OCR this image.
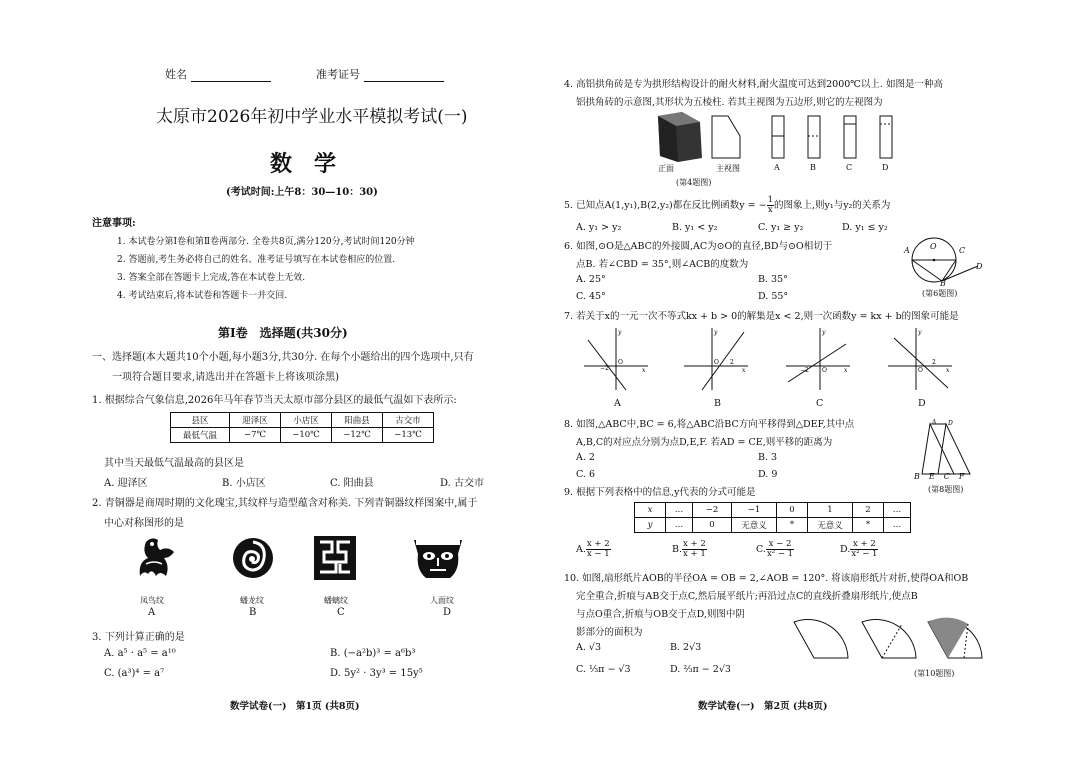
姓名	准考证号
太原市2026年初中学业水平模拟考试(一)
数　学
(考试时间:上午8：30—10：30)
注意事项:
1. 本试卷分第Ⅰ卷和第Ⅱ卷两部分. 全卷共8页,满分120分,考试时间120分钟
2. 答题前,考生务必将自己的姓名、准考证号填写在本试卷相应的位置.
3. 答案全部在答题卡上完成,答在本试卷上无效.
4. 考试结束后,将本试卷和答题卡一并交回.
第Ⅰ卷　选择题(共30分)
一、选择题(本大题共10个小题,每小题3分,共30分. 在每个小题给出的四个选项中,只有
一项符合题目要求,请选出并在答题卡上将该项涂黑)
1. 根据综合气象信息,2026年马年春节当天太原市部分县区的最低气温如下表所示:
县区	迎泽区	小店区	阳曲县	古交市
最低气温	−7℃	−10℃	−12℃	−13℃
其中当天最低气温最高的县区是
A. 迎泽区	B. 小店区	C. 阳曲县	D. 古交市
2. 青铜器是商周时期的文化瑰宝,其纹样与造型蕴含对称美. 下列青铜器纹样图案中,属于
中心对称图形的是
凤鸟纹	蟠龙纹	蟠螭纹	人面纹
A	B	C	D
3. 下列计算正确的是
A. a⁵ · a⁵ = a¹⁰	B. (−a²b)³ = a⁶b³
C. (a³)⁴ = a⁷	D. 5y² · 3y³ = 15y⁵
数学试卷(一)　第1页 (共8页)
4. 高铝拱角砖是专为拱形结构设计的耐火材料,耐火温度可达到2000℃以上. 如图是一种高
铝拱角砖的示意图,其形状为五棱柱. 若其主视图为五边形,则它的左视图为
正面	主视图	A	B	C	D
(第4题图)
5. 已知点A(1,y₁),B(2,y₂)都在反比例函数y = − $\frac{1}{x}$ 的图象上,则y₁与y₂的关系为
A. y₁ > y₂	B. y₁ < y₂	C. y₁ ≥ y₂	D. y₁ ≤ y₂
6. 如图,⊙O是△ABC的外接圆,AC为⊙O的直径,BD与⊙O相切于
点B. 若∠CBD = 35°,则∠ACB的度数为
A. 25°	B. 35°
C. 45°	D. 55°
A	O	C
D
B
(第6题图)
7. 若关于x的一元一次不等式kx + b > 0的解集是x < 2,则一次函数y = kx + b的图象可能是
−2
O
x
y
O 2
x
y
−2 O	x
y
O
2
x
y
A	B	C	D
8. 如图,△ABC中,BC = 6,将△ABC沿BC方向平移得到△DEF,其中点
A,B,C的对应点分别为点D,E,F. 若AD = CE,则平移的距离为
A. 2	B. 3
C. 6	D. 9
A D
BECF
(第8题图)
9. 根据下列表格中的信息,y代表的分式可能是
x	…	−2	−1	0	1	2	…
y	…	0	无意义	*	无意义	*	…
A. $\frac{x + 2}{x - 1}$	B. $\frac{x + 2}{x + 1}$	C. $\frac{x - 2}{\text{x² − 1}}$	D. $\frac{x + 2}{\text{x² − 1}}$
10. 如图,扇形纸片AOB的半径OA = OB = 2,∠AOB = 120°. 将该扇形纸片对折,使得OA和OB
完全重合,折痕与AB交于点C,然后展平纸片;再沿过点C的直线折叠扇形纸片,使点B
与点O重合,折痕与OB交于点D,则图中阴
影部分的面积为
A. √3	B. 2√3
C. ⅓π − √3	D. ⅔π − 2√3	(第10题图)
数学试卷(一)　第2页 (共8页)
